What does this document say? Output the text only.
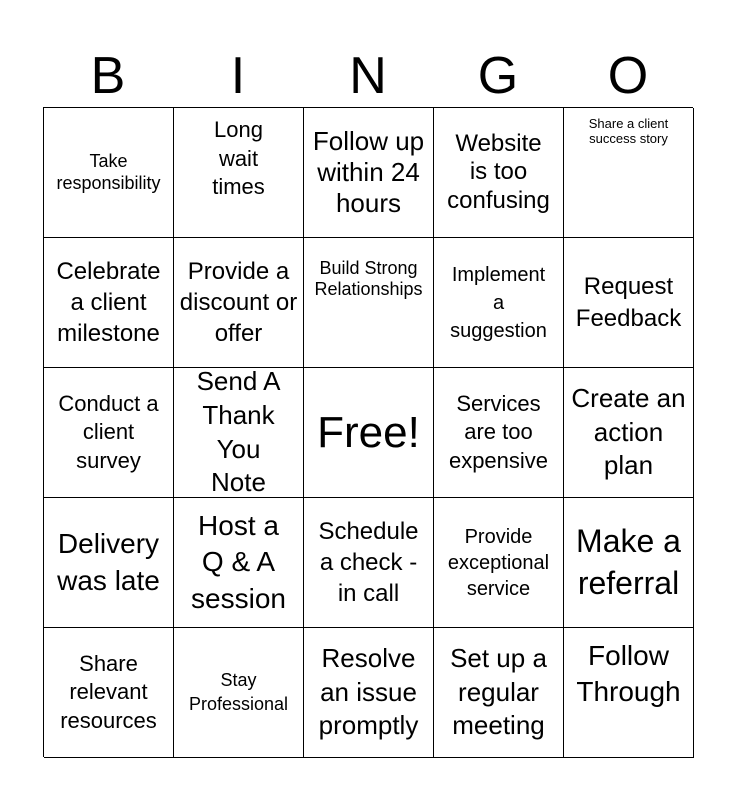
B	I	N	G	O
Take responsibility
Long wait times
Follow up within 24 hours
Website is too confusing
Share a client success story
Celebrate a client milestone
Provide a discount or offer
Build Strong Relationships
Implement a suggestion
Request Feedback
Conduct a client survey
Send A Thank You Note
Free!
Services are too expensive
Create an action plan
Delivery was late
Host a Q & A session
Schedule a check - in call
Provide exceptional service
Make a referral
Share relevant resources
Stay Professional
Resolve an issue promptly
Set up a regular meeting
Follow Through
